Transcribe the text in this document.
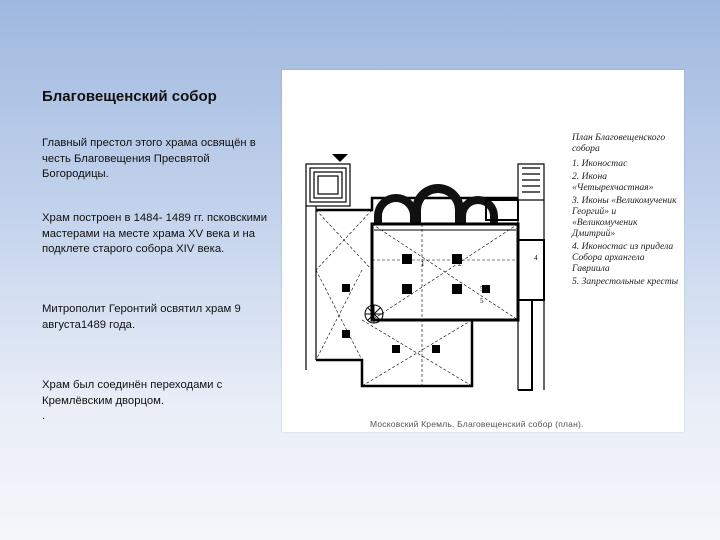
Благовещенский собор
Главный престол этого храма освящён в честь Благовещения Пресвятой Богородицы.
Храм построен в 1484- 1489 гг. псковскими мастерами на месте храма XV века и на подклете старого собора XIV века.
Митрополит Геронтий освятил храм 9 августа1489 года.
Храм был соединён переходами с Кремлёвским дворцом.
.
1	2
3
4
5
5
План Благовещенского собора
1. Иконостас
2. Икона «Четырехчастная»
3. Иконы «Великомученик Георгий» и «Великомученик Дмитрий»
4. Иконостас из придела Собора архангела Гавриила
5. Запрестольные кресты
Московский Кремль. Благовещенский собор (план).
